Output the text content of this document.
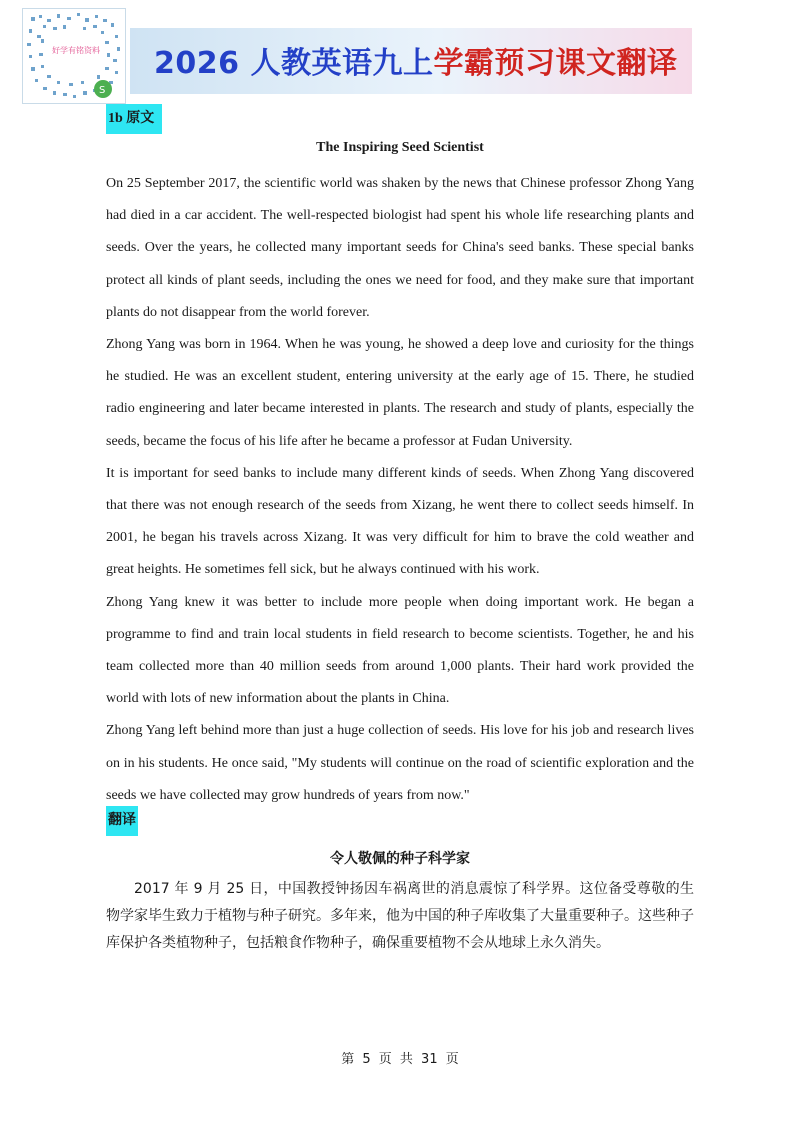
S
好学有铭资料 2026 人教英语九上学霸预习课文翻译
1b 原文
The Inspiring Seed Scientist

On 25 September 2017, the scientific world was shaken by the news that Chinese professor Zhong Yang had died in a car accident. The well-respected biologist had spent his whole life researching plants and seeds. Over the years, he collected many important seeds for China's seed banks. These special banks protect all kinds of plant seeds, including the ones we need for food, and they make sure that important plants do not disappear from the world forever.

Zhong Yang was born in 1964. When he was young, he showed a deep love and curiosity for the things he studied. He was an excellent student, entering university at the early age of 15. There, he studied radio engineering and later became interested in plants. The research and study of plants, especially the seeds, became the focus of his life after he became a professor at Fudan University.

It is important for seed banks to include many different kinds of seeds. When Zhong Yang discovered that there was not enough research of the seeds from Xizang, he went there to collect seeds himself. In 2001, he began his travels across Xizang. It was very difficult for him to brave the cold weather and great heights. He sometimes fell sick, but he always continued with his work.

Zhong Yang knew it was better to include more people when doing important work. He began a programme to find and train local students in field research to become scientists. Together, he and his team collected more than 40 million seeds from around 1,000 plants. Their hard work provided the world with lots of new information about the plants in China.

Zhong Yang left behind more than just a huge collection of seeds. His love for his job and research lives on in his students. He once said, "My students will continue on the road of scientific exploration and the seeds we have collected may grow hundreds of years from now."

翻译
令人敬佩的种子科学家

2017 年 9 月 25 日，中国教授钟扬因车祸离世的消息震惊了科学界。这位备受尊敬的生物学家毕生致力于植物与种子研究。多年来，他为中国的种子库收集了大量重要种子。这些种子库保护各类植物种子，包括粮食作物种子，确保重要植物不会从地球上永久消失。

第 5 页 共 31 页
